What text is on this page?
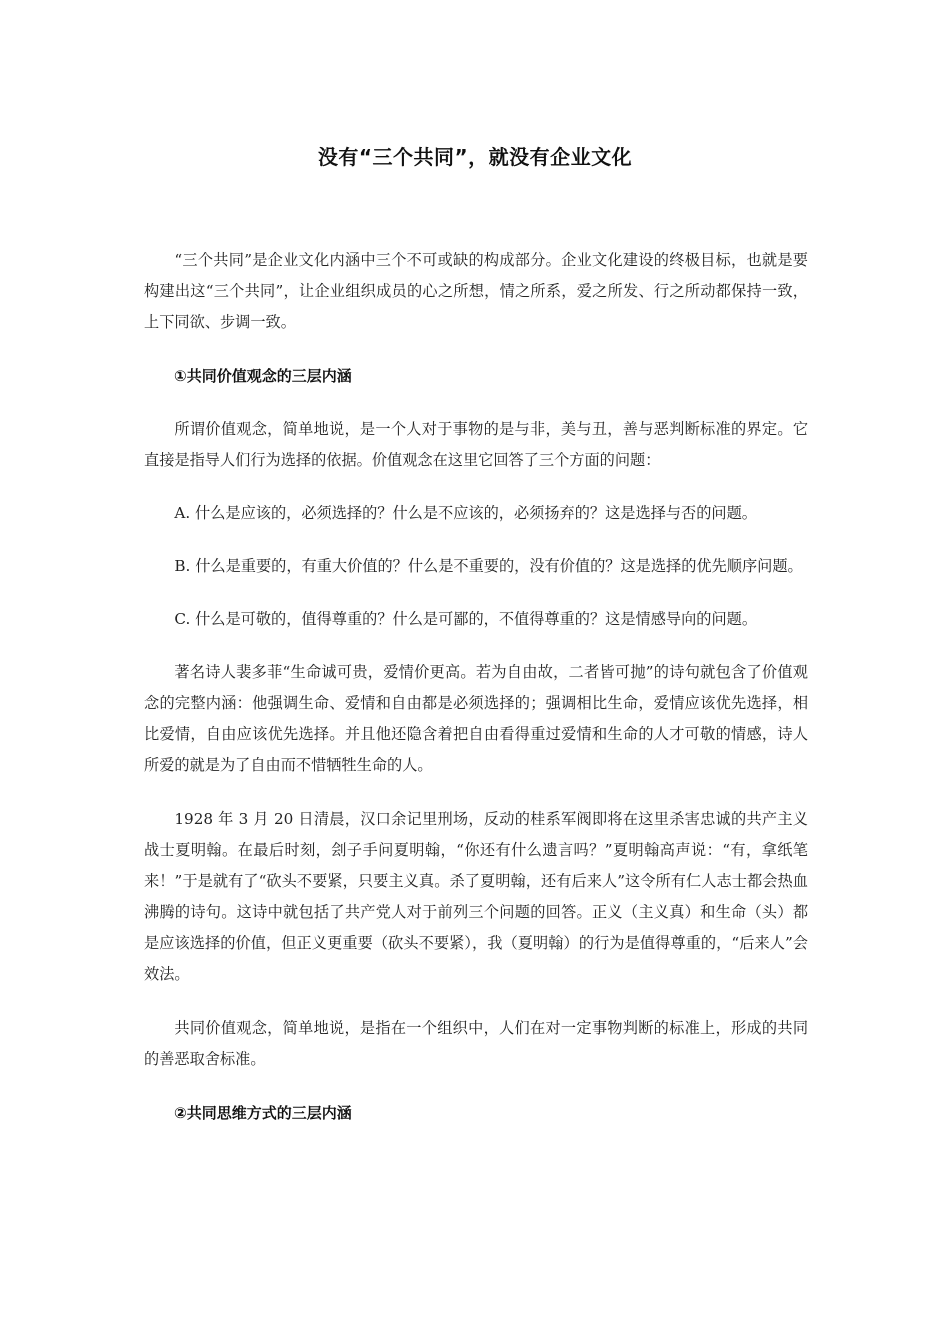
没有“三个共同”，就没有企业文化

“三个共同”是企业文化内涵中三个不可或缺的构成部分。企业文化建设的终极目标，也就是要构建出这“三个共同”，让企业组织成员的心之所想，情之所系，爱之所发、行之所动都保持一致，上下同欲、步调一致。

①共同价值观念的三层内涵

所谓价值观念，简单地说，是一个人对于事物的是与非，美与丑，善与恶判断标准的界定。它直接是指导人们行为选择的依据。价值观念在这里它回答了三个方面的问题：

A. 什么是应该的，必须选择的？什么是不应该的，必须扬弃的？这是选择与否的问题。

B. 什么是重要的，有重大价值的？什么是不重要的，没有价值的？这是选择的优先顺序问题。

C. 什么是可敬的，值得尊重的？什么是可鄙的，不值得尊重的？这是情感导向的问题。

著名诗人裴多菲“生命诚可贵，爱情价更高。若为自由故，二者皆可抛”的诗句就包含了价值观念的完整内涵：他强调生命、爱情和自由都是必须选择的；强调相比生命，爱情应该优先选择，相比爱情，自由应该优先选择。并且他还隐含着把自由看得重过爱情和生命的人才可敬的情感，诗人所爱的就是为了自由而不惜牺牲生命的人。

1928 年 3 月 20 日清晨，汉口余记里刑场，反动的桂系军阀即将在这里杀害忠诚的共产主义战士夏明翰。在最后时刻，刽子手问夏明翰，“你还有什么遗言吗？”夏明翰高声说：“有，拿纸笔来！”于是就有了“砍头不要紧，只要主义真。杀了夏明翰，还有后来人”这令所有仁人志士都会热血沸腾的诗句。这诗中就包括了共产党人对于前列三个问题的回答。正义（主义真）和生命（头）都是应该选择的价值，但正义更重要（砍头不要紧），我（夏明翰）的行为是值得尊重的，“后来人”会效法。

共同价值观念，简单地说，是指在一个组织中，人们在对一定事物判断的标准上，形成的共同的善恶取舍标准。

②共同思维方式的三层内涵
